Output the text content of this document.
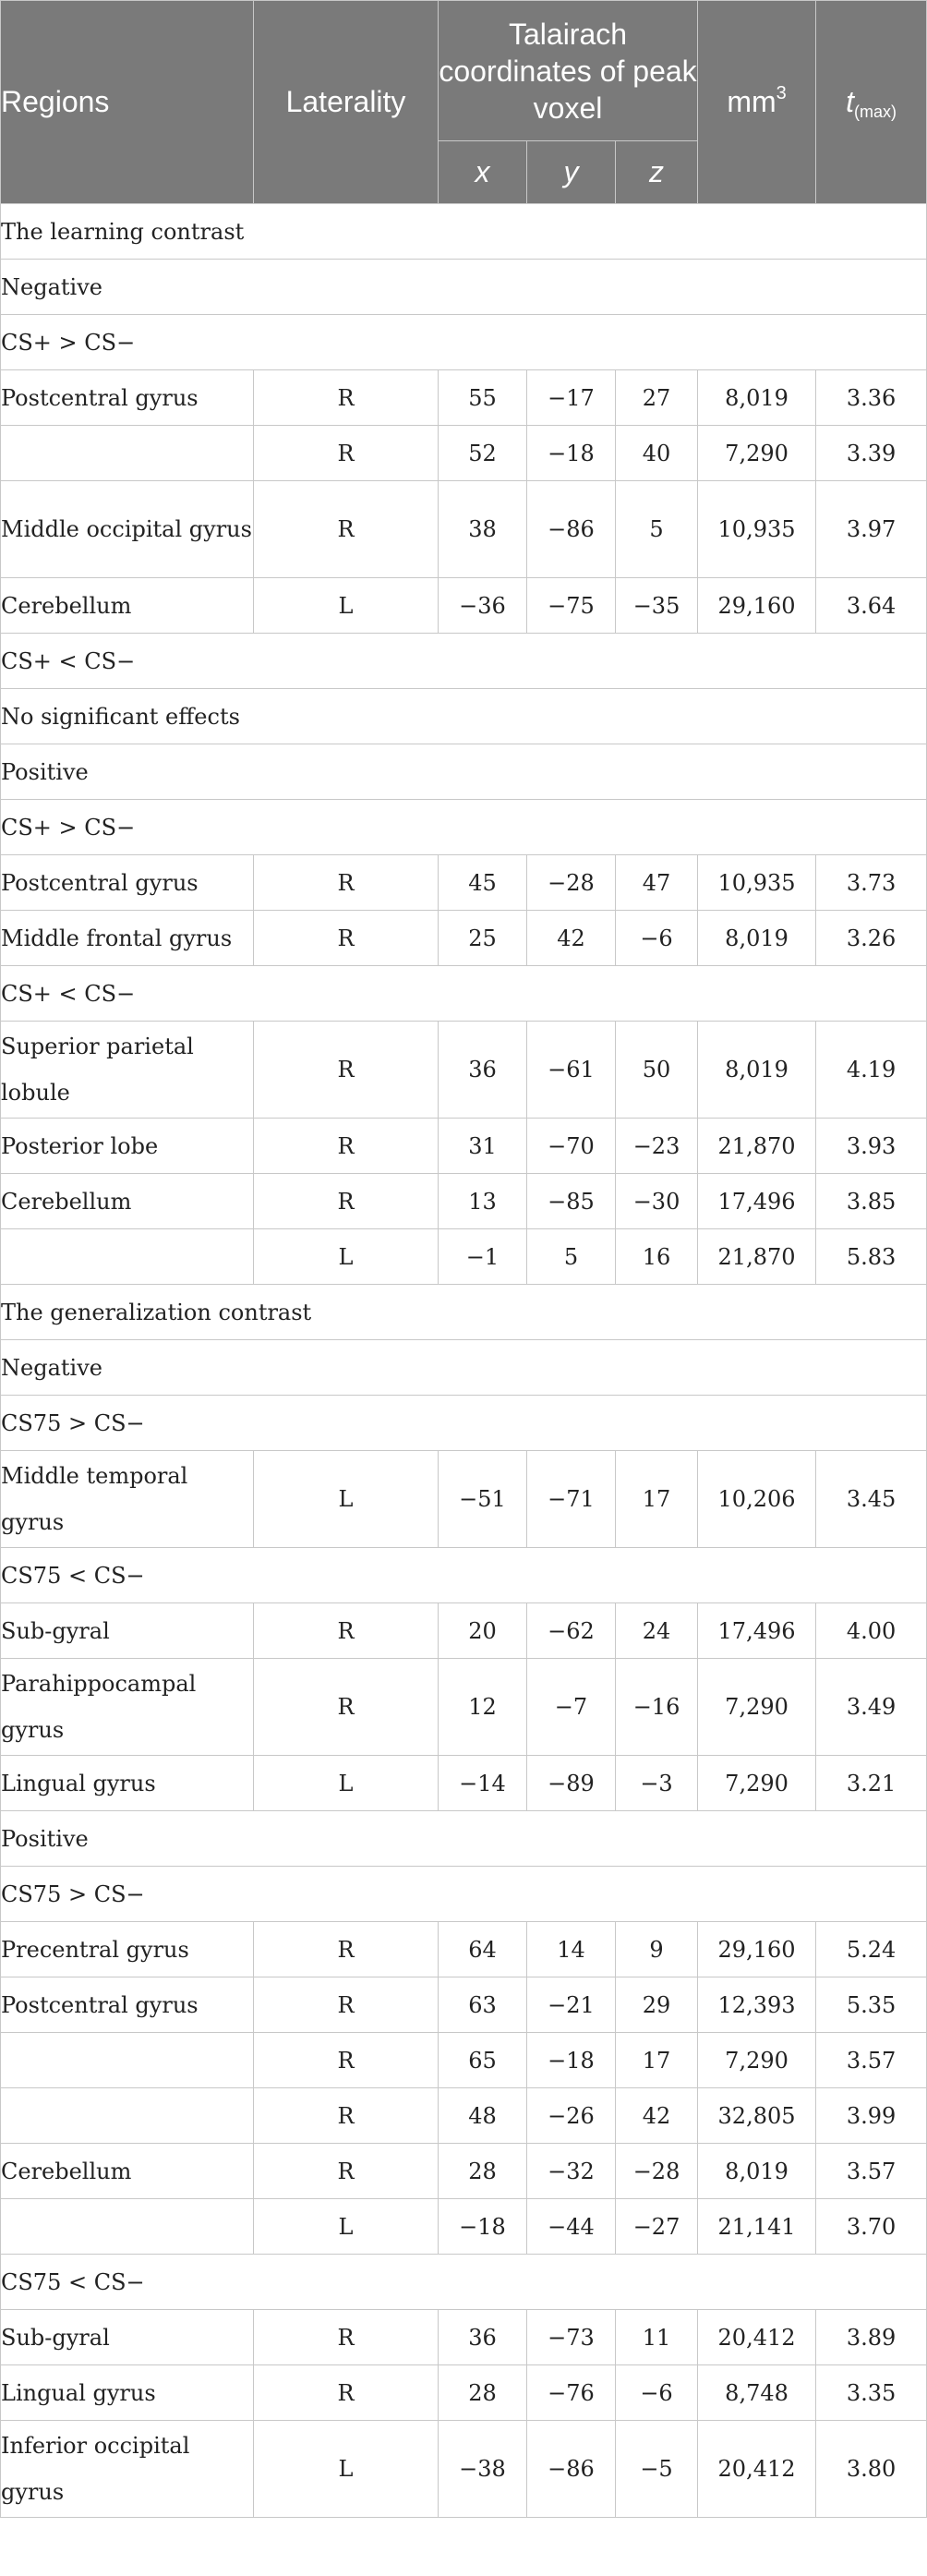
Regions	Laterality	Talairach coordinates of peak voxel			$mm^3$	$t_{(max)}$
		x	y	z		
The learning contrast						
Negative						
CS+ > CS−						
Postcentral gyrus	R	55	−17	27	8,019	3.36
	R	52	−18	40	7,290	3.39
Middle occipital gyrus	R	38	−86	5	10,935	3.97
Cerebellum	L	−36	−75	−35	29,160	3.64
CS+ < CS−						
No significant effects						
Positive						
CS+ > CS−						
Postcentral gyrus	R	45	−28	47	10,935	3.73
Middle frontal gyrus	R	25	42	−6	8,019	3.26
CS+ < CS−						
Superior parietal lobule	R	36	−61	50	8,019	4.19
Posterior lobe	R	31	−70	−23	21,870	3.93
Cerebellum	R	13	−85	−30	17,496	3.85
	L	−1	5	16	21,870	5.83
The generalization contrast						
Negative						
CS75 > CS−						
Middle temporal gyrus	L	−51	−71	17	10,206	3.45
CS75 < CS−						
Sub-gyral	R	20	−62	24	17,496	4.00
Parahippocampal gyrus	R	12	−7	−16	7,290	3.49
Lingual gyrus	L	−14	−89	−3	7,290	3.21
Positive						
CS75 > CS−						
Precentral gyrus	R	64	14	9	29,160	5.24
Postcentral gyrus	R	63	−21	29	12,393	5.35
	R	65	−18	17	7,290	3.57
	R	48	−26	42	32,805	3.99
Cerebellum	R	28	−32	−28	8,019	3.57
	L	−18	−44	−27	21,141	3.70
CS75 < CS−						
Sub-gyral	R	36	−73	11	20,412	3.89
Lingual gyrus	R	28	−76	−6	8,748	3.35
Inferior occipital gyrus	L	−38	−86	−5	20,412	3.80
